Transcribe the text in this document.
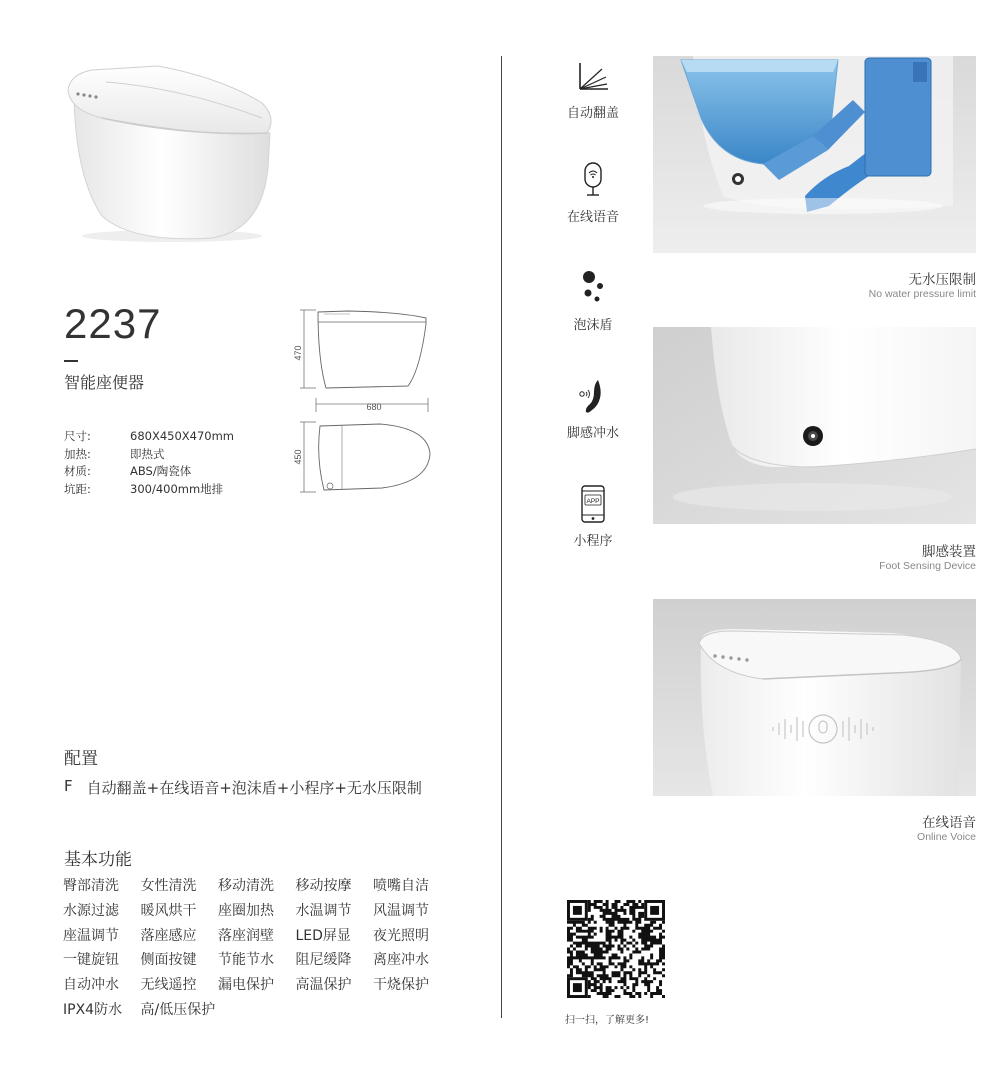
2237
智能座便器
尺寸:	680X450X470mm
加热:	即热式
材质:	ABS/陶瓷体
坑距:	300/400mm地排
470
680
450
配置
F 自动翻盖+在线语音+泡沫盾+小程序+无水压限制
基本功能
臀部清洗	女性清洗	移动清洗	移动按摩	喷嘴自洁
水源过滤	暖风烘干	座圈加热	水温调节	风温调节
座温调节	落座感应	落座润壁	LED屏显	夜光照明
一键旋钮	侧面按键	节能节水	阻尼缓降	离座冲水
自动冲水	无线遥控	漏电保护	高温保护	干烧保护
IPX4防水	高/低压保护
自动翻盖
在线语音
泡沫盾
脚感冲水
APP
小程序
无水压限制
No water pressure limit
脚感装置
Foot Sensing Device
在线语音
Online Voice
扫一扫，了解更多!
